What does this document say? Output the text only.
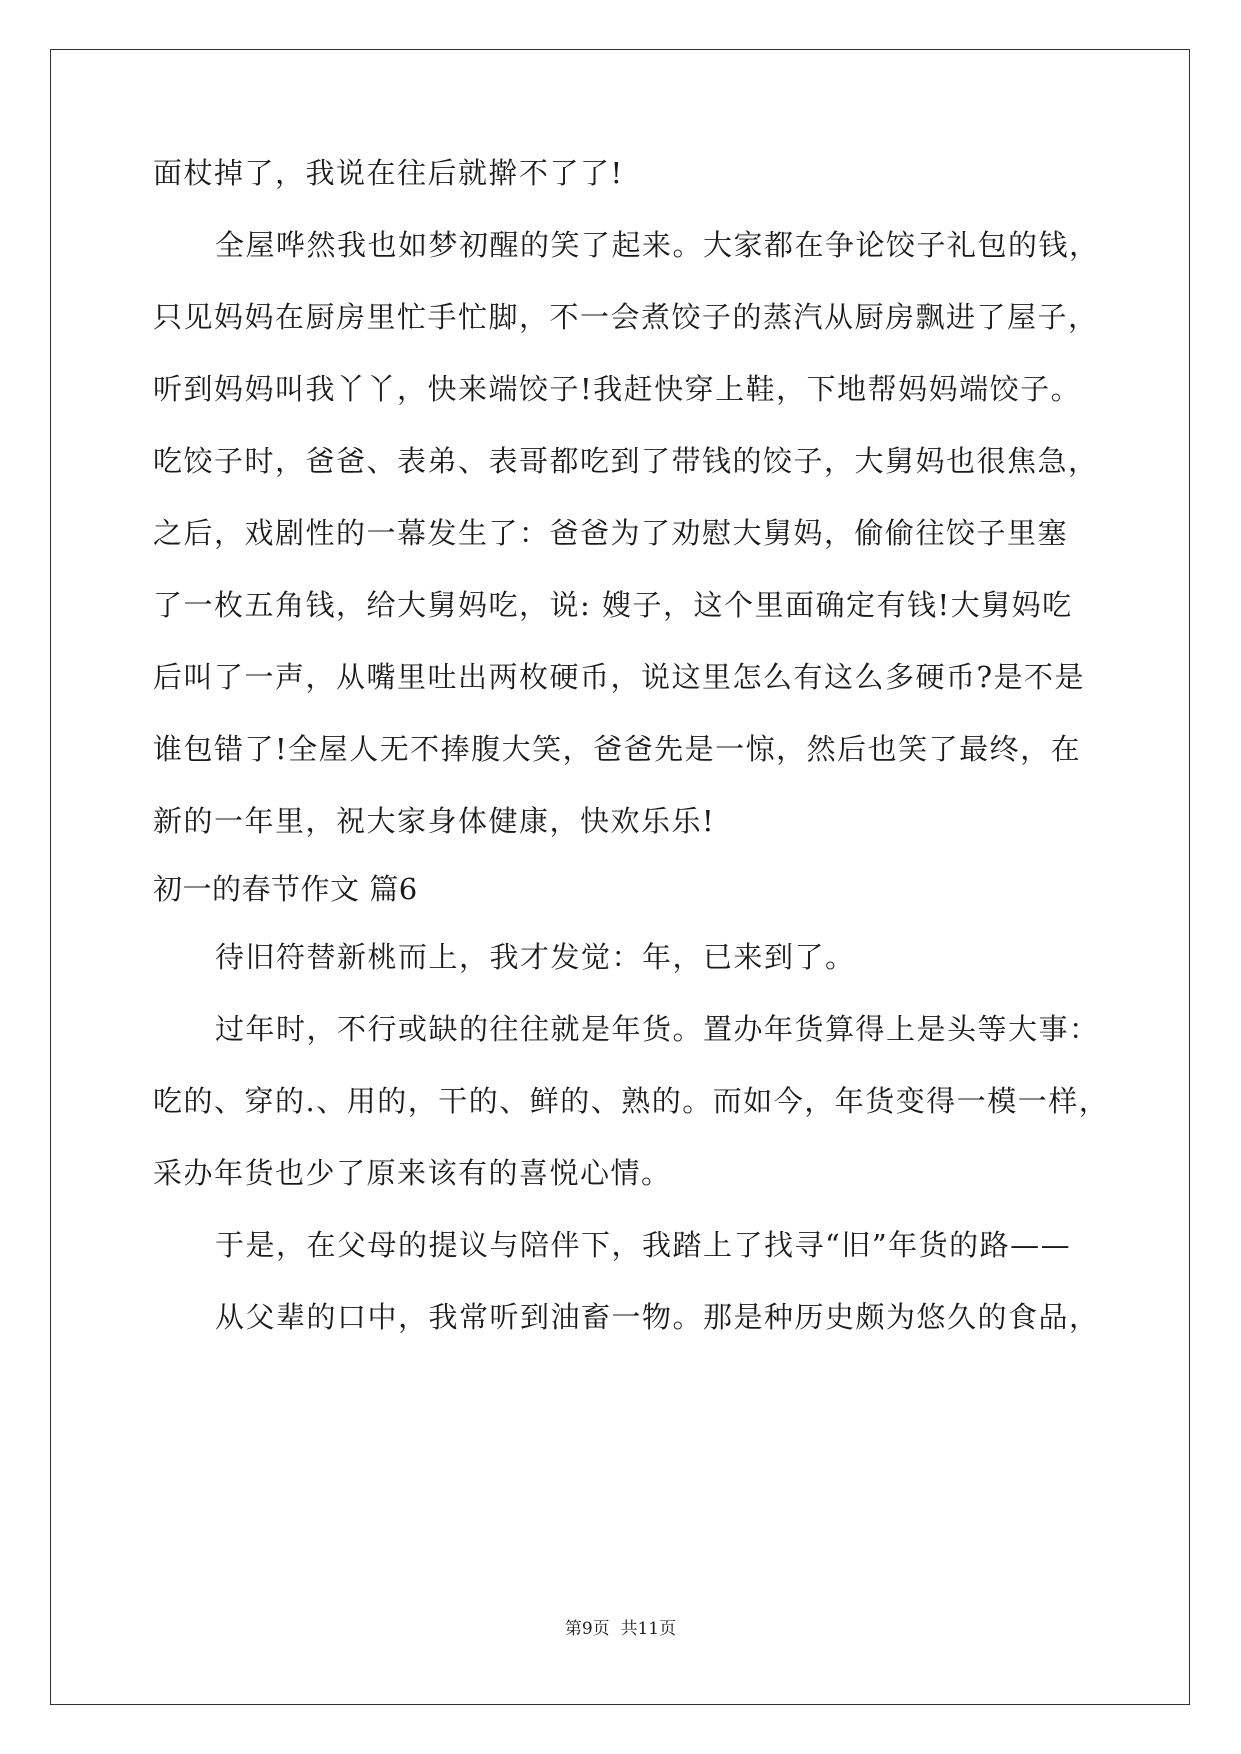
面杖掉了，我说在往后就擀不了了!
全屋哗然我也如梦初醒的笑了起来。大家都在争论饺子礼包的钱，
只见妈妈在厨房里忙手忙脚，不一会煮饺子的蒸汽从厨房飘进了屋子，
听到妈妈叫我丫丫，快来端饺子!我赶快穿上鞋，下地帮妈妈端饺子。
吃饺子时，爸爸、表弟、表哥都吃到了带钱的饺子，大舅妈也很焦急，
之后，戏剧性的一幕发生了：爸爸为了劝慰大舅妈，偷偷往饺子里塞
了一枚五角钱，给大舅妈吃，说: 嫂子，这个里面确定有钱!大舅妈吃
后叫了一声，从嘴里吐出两枚硬币，说这里怎么有这么多硬币?是不是
谁包错了!全屋人无不捧腹大笑，爸爸先是一惊，然后也笑了最终，在
新的一年里，祝大家身体健康，快欢乐乐!
初一的春节作文 篇6
待旧符替新桃而上，我才发觉：年，已来到了。
过年时，不行或缺的往往就是年货。置办年货算得上是头等大事：
吃的、穿的.、用的，干的、鲜的、熟的。而如今，年货变得一模一样，
采办年货也少了原来该有的喜悦心情。
于是，在父母的提议与陪伴下，我踏上了找寻“旧”年货的路——
从父辈的口中，我常听到油畜一物。那是种历史颇为悠久的食品，
第9页  共11页
